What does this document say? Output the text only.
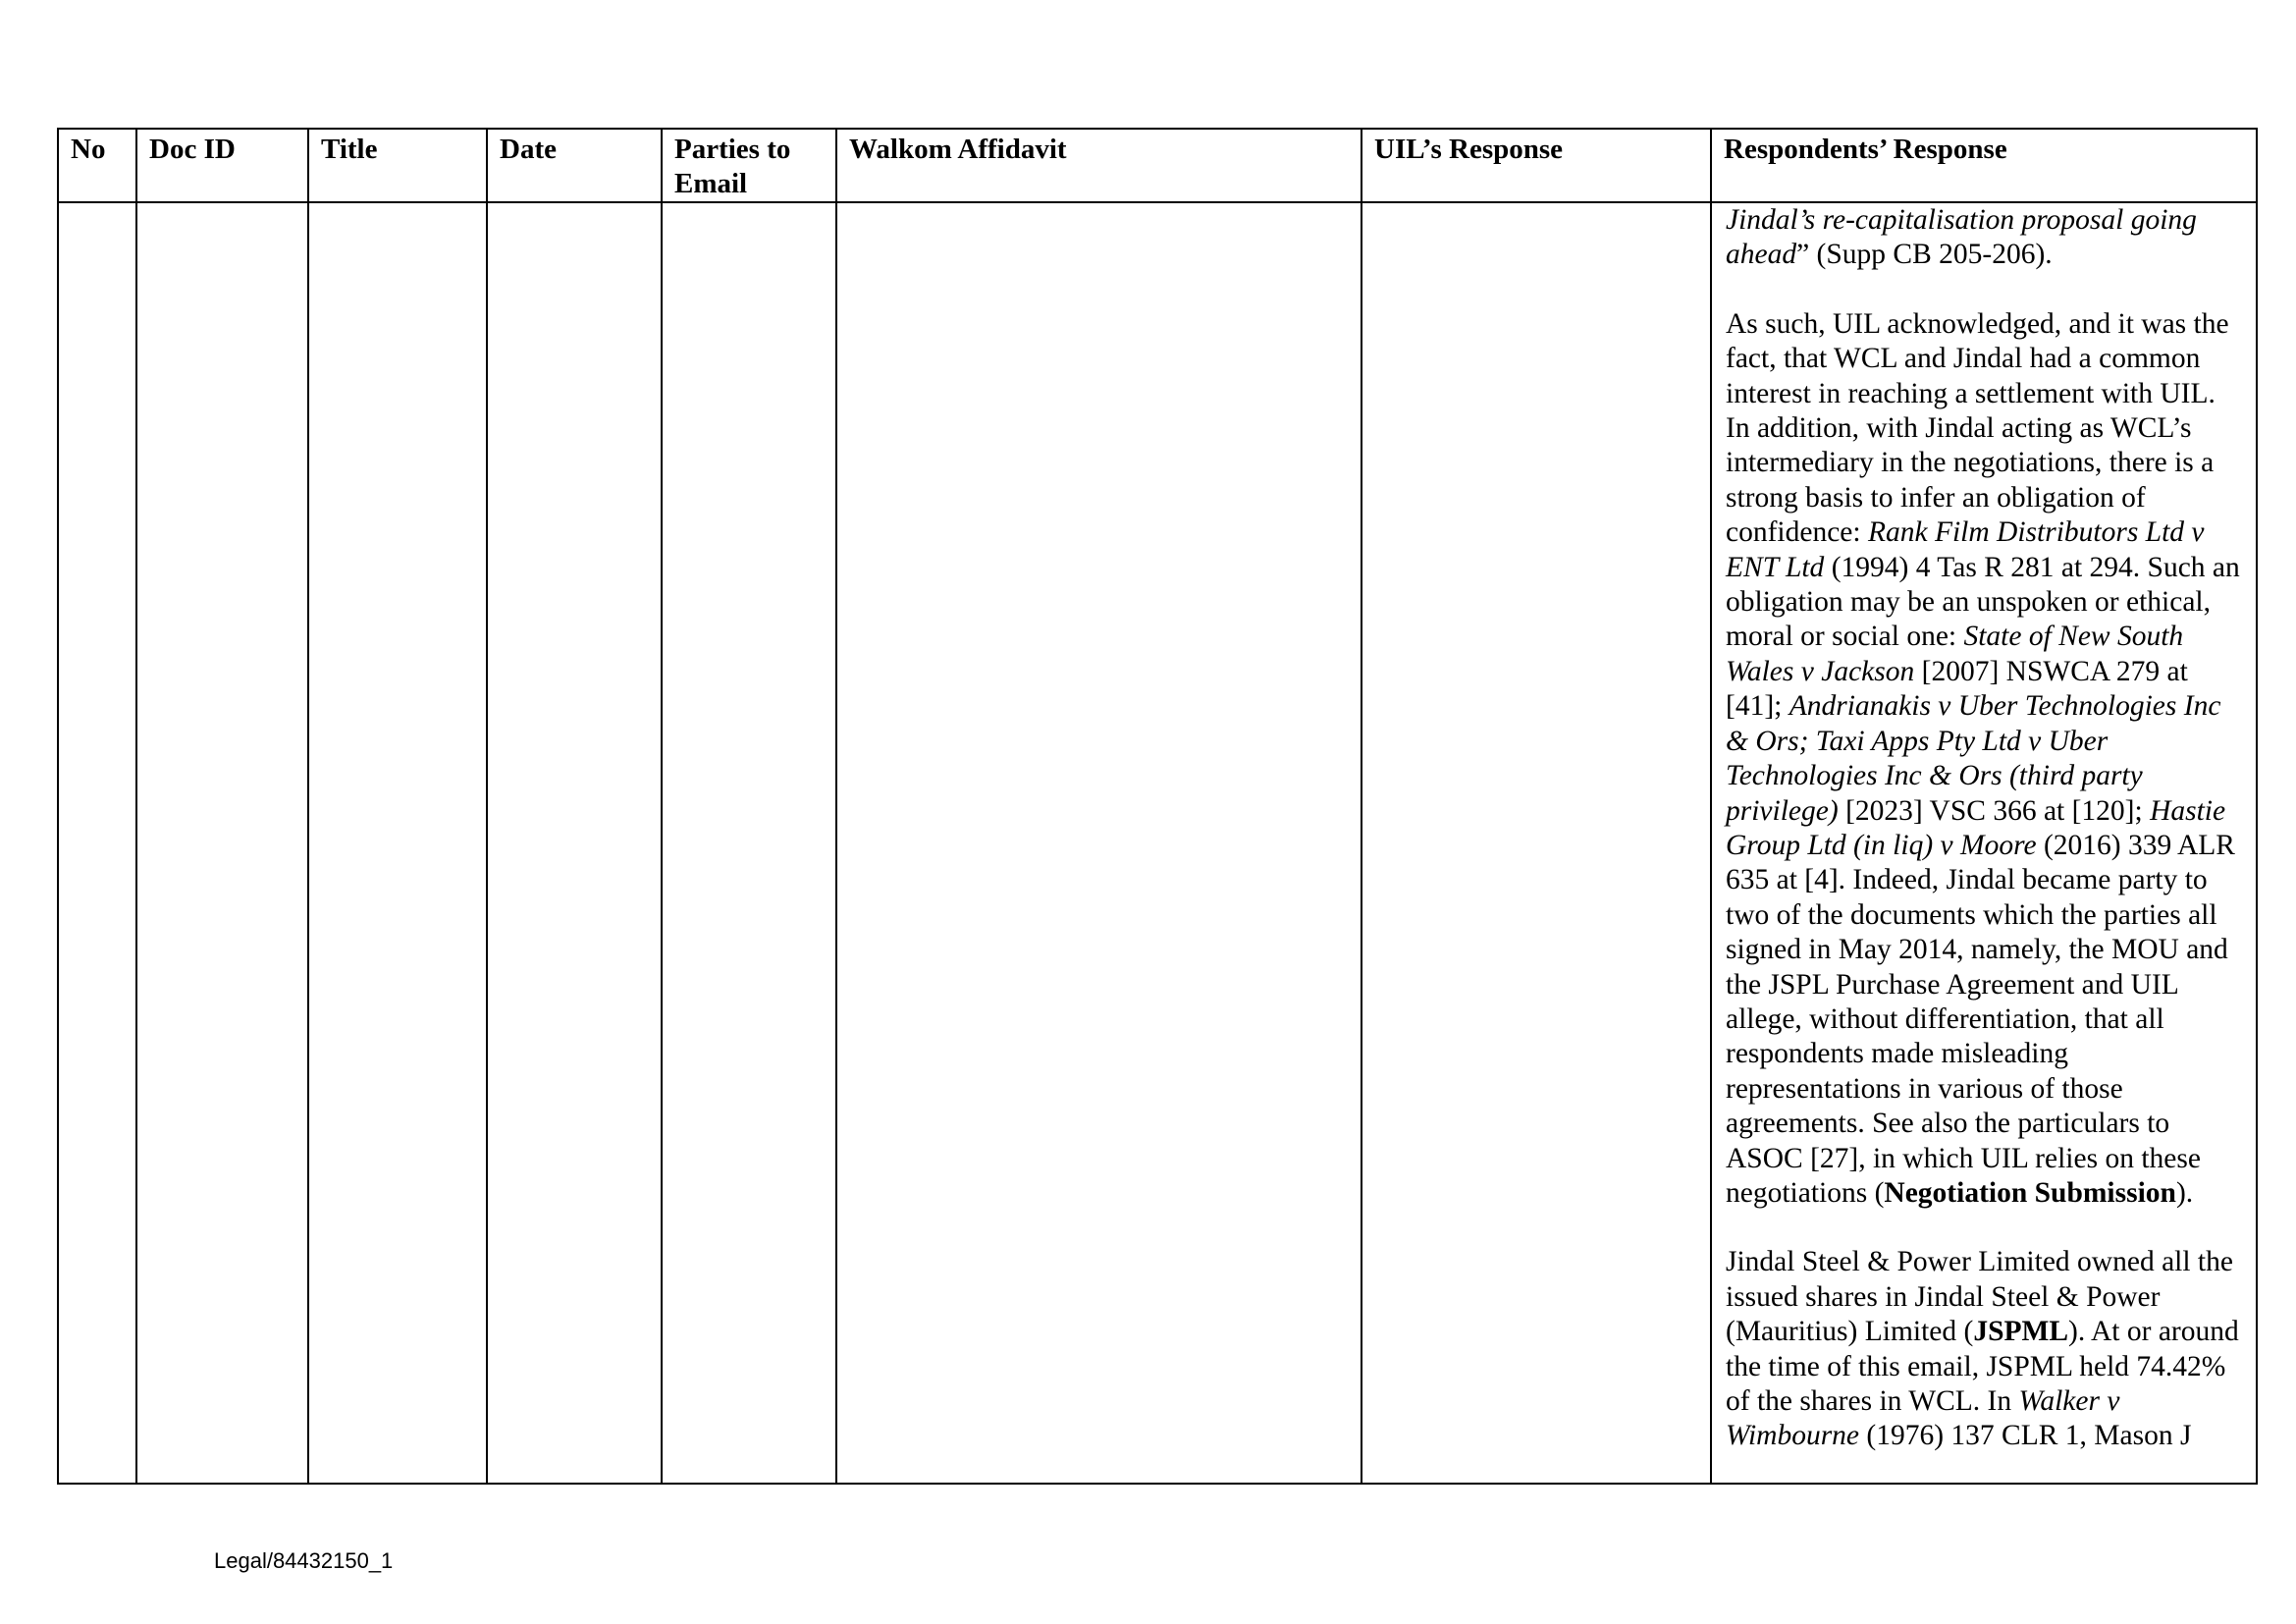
No	Doc ID	Title	Date	Parties to Email	Walkom Affidavit	UIL’s Response	Respondents’ Response

							Jindal’s re-capitalisation proposal going ahead” (Supp CB 205-206).

As such, UIL acknowledged, and it was the fact, that WCL and Jindal had a common interest in reaching a settlement with UIL. In addition, with Jindal acting as WCL’s intermediary in the negotiations, there is a strong basis to infer an obligation of confidence: Rank Film Distributors Ltd v ENT Ltd (1994) 4 Tas R 281 at 294. Such an obligation may be an unspoken or ethical, moral or social one: State of New South Wales v Jackson [2007] NSWCA 279 at [41]; Andrianakis v Uber Technologies Inc & Ors; Taxi Apps Pty Ltd v Uber Technologies Inc & Ors (third party privilege) [2023] VSC 366 at [120]; Hastie Group Ltd (in liq) v Moore (2016) 339 ALR 635 at [4]. Indeed, Jindal became party to two of the documents which the parties all signed in May 2014, namely, the MOU and the JSPL Purchase Agreement and UIL allege, without differentiation, that all respondents made misleading representations in various of those agreements. See also the particulars to ASOC [27], in which UIL relies on these negotiations (Negotiation Submission).

Jindal Steel & Power Limited owned all the issued shares in Jindal Steel & Power (Mauritius) Limited (JSPML). At or around the time of this email, JSPML held 74.42% of the shares in WCL. In Walker v Wimbourne (1976) 137 CLR 1, Mason J

Legal/84432150_1
